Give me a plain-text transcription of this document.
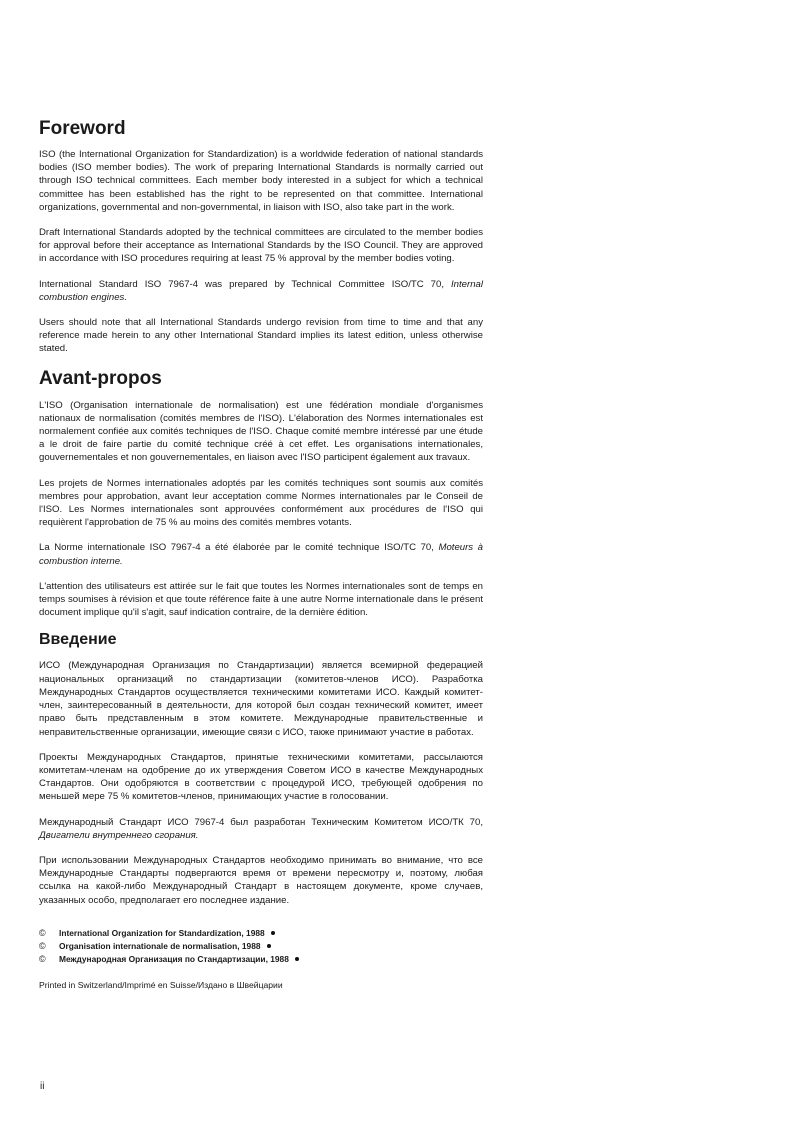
Foreword

ISO (the International Organization for Standardization) is a worldwide federation of national standards bodies (ISO member bodies). The work of preparing International Standards is normally carried out through ISO technical committees. Each member body interested in a subject for which a technical committee has been established has the right to be represented on that committee. International organizations, governmental and non-governmental, in liaison with ISO, also take part in the work.

Draft International Standards adopted by the technical committees are circulated to the member bodies for approval before their acceptance as International Standards by the ISO Council. They are approved in accordance with ISO procedures requiring at least 75 % approval by the member bodies voting.

International Standard ISO 7967-4 was prepared by Technical Committee ISO/TC 70, Internal combustion engines.

Users should note that all International Standards undergo revision from time to time and that any reference made herein to any other International Standard implies its latest edition, unless otherwise stated.

Avant-propos

L'ISO (Organisation internationale de normalisation) est une fédération mondiale d'organismes nationaux de normalisation (comités membres de l'ISO). L'élaboration des Normes internationales est normalement confiée aux comités techniques de l'ISO. Chaque comité membre intéressé par une étude a le droit de faire partie du comité technique créé à cet effet. Les organisations internationales, gouvernementales et non gouvernementales, en liaison avec l'ISO participent également aux travaux.

Les projets de Normes internationales adoptés par les comités techniques sont soumis aux comités membres pour approbation, avant leur acceptation comme Normes internationales par le Conseil de l'ISO. Les Normes internationales sont approuvées conformément aux procédures de l'ISO qui requièrent l'approbation de 75 % au moins des comités membres votants.

La Norme internationale ISO 7967-4 a été élaborée par le comité technique ISO/TC 70, Moteurs à combustion interne.

L'attention des utilisateurs est attirée sur le fait que toutes les Normes internationales sont de temps en temps soumises à révision et que toute référence faite à une autre Norme internationale dans le présent document implique qu'il s'agit, sauf indication contraire, de la dernière édition.

Введение

ИСО (Международная Организация по Стандартизации) является всемирной федерацией национальных организаций по стандартизации (комитетов-членов ИСО). Разработка Международных Стандартов осуществляется техническими комитетами ИСО. Каждый комитет-член, заинтересованный в деятельности, для которой был создан технический комитет, имеет право быть представленным в этом комитете. Международные правительственные и неправительственные организации, имеющие связи с ИСО, также принимают участие в работах.

Проекты Международных Стандартов, принятые техническими комитетами, рассылаются комитетам-членам на одобрение до их утверждения Советом ИСО в качестве Международных Стандартов. Они одобряются в соответствии с процедурой ИСО, требующей одобрения по меньшей мере 75 % комитетов-членов, принимающих участие в голосовании.

Международный Стандарт ИСО 7967-4 был разработан Техническим Комитетом ИСО/ТК 70, Двигатели внутреннего сгорания.

При использовании Международных Стандартов необходимо принимать во внимание, что все Международные Стандарты подвергаются время от времени пересмотру и, поэтому, любая ссылка на какой-либо Международный Стандарт в настоящем документе, кроме случаев, указанных особо, предполагает его последнее издание.

©	International Organization for Standardization, 1988
©	Organisation internationale de normalisation, 1988
©	Международная Организация по Стандартизации, 1988
Printed in Switzerland/Imprimé en Suisse/Издано в Швейцарии
ii
